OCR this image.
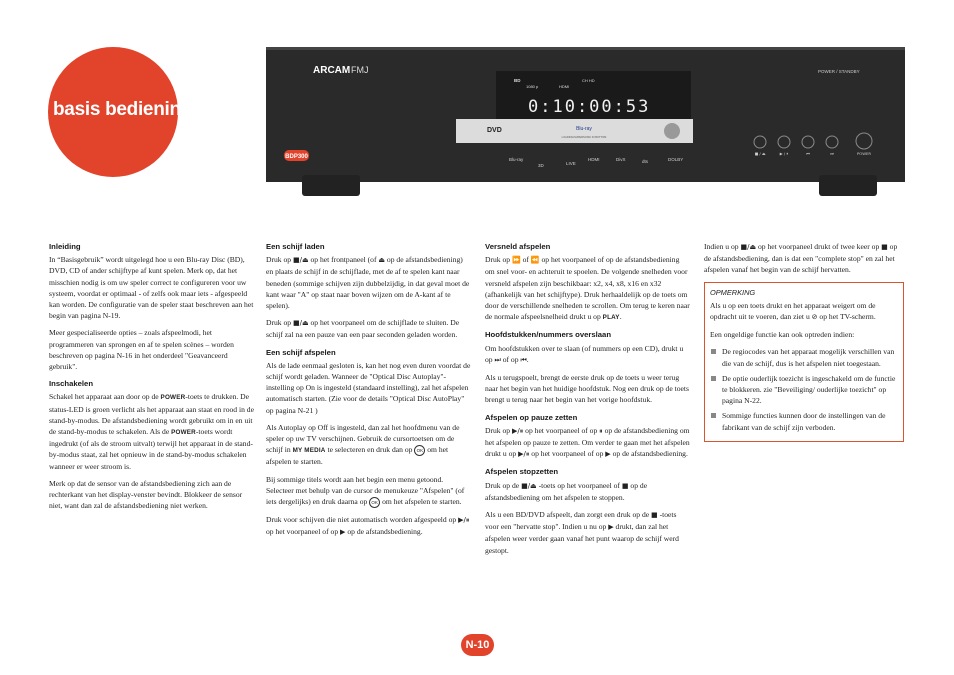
basis bediening
ARCAM FMJ	POWER / STANDBY
BD
1080 p	HDMI
CH HD
0:10:00:53
DVD	Blu-ray
LOADING/SUPERSONIC IN BOTTOM
BDP300	Blu-ray
3D	LIVE
HDMI	DivX	dts	DOLBY
■ / ⏏	▶ / ⏸	⏮	⏭	POWER
Inleiding

In “Basisgebruik” wordt uitgelegd hoe u een Blu-ray Disc (BD), DVD, CD of ander schijftype af kunt spelen. Merk op, dat het misschien nodig is om uw speler correct te configureren voor uw systeem, voordat er optimaal - of zelfs ook maar iets - afgespeeld kan worden. De configuratie van de speler staat beschreven aan het begin van pagina N-19.

Meer gespecialiseerde opties – zoals afspeelmodi, het programmeren van sprongen en af te spelen scènes – worden beschreven op pagina N-16 in het onderdeel "Geavanceerd gebruik".

Inschakelen

Schakel het apparaat aan door op de POWER-toets te drukken. De status-LED is groen verlicht als het apparaat aan staat en rood in de stand-by-modus. De afstandsbediening wordt gebruikt om in en uit de stand-by-modus te schakelen. Als de POWER-toets wordt ingedrukt (of als de stroom uitvalt) terwijl het apparaat in de stand-by-modus staat, zal het opnieuw in de stand-by-modus schakelen wanneer er weer stroom is.

Merk op dat de sensor van de afstandsbediening zich aan de rechterkant van het display-venster bevindt. Blokkeer de sensor niet, want dan zal de afstandsbediening niet werken.

Een schijf laden

Druk op ■/⏏ op het frontpaneel (of ⏏ op de afstandsbediening) en plaats de schijf in de schijflade, met de af te spelen kant naar beneden (sommige schijven zijn dubbelzijdig, in dat geval moet de kant waar "A" op staat naar boven wijzen om de A-kant af te spelen).

Druk op ■/⏏ op het voorpaneel om de schijflade te sluiten. De schijf zal na een pauze van een paar seconden geladen worden.

Een schijf afspelen

Als de lade eenmaal gesloten is, kan het nog even duren voordat de schijf wordt geladen. Wanneer de "Optical Disc Autoplay"-instelling op On is ingesteld (standaard instelling), zal het afspelen automatisch starten. (Zie voor de details "Optical Disc AutoPlay" op pagina N-21 )

Als Autoplay op Off is ingesteld, dan zal het hoofdmenu van de speler op uw TV verschijnen. Gebruik de cursortoetsen om de schijf in MY MEDIA te selecteren en druk dan op OK om het afspelen te starten.

Bij sommige titels wordt aan het begin een menu getoond. Selecteer met behulp van de cursor de menukeuze "Afspelen" (of iets dergelijks) en druk daarna op OK om het afspelen te starten.

Druk voor schijven die niet automatisch worden afgespeeld op ▶/⏸ op het voorpaneel of op ▶ op de afstandsbediening.

Versneld afspelen

Druk op ⏩ of ⏪ op het voorpaneel of op de afstandsbediening om snel voor- en achteruit te spoelen. De volgende snelheden voor versneld afspelen zijn beschikbaar: x2, x4, x8, x16 en x32 (afhankelijk van het schijftype). Druk herhaaldelijk op de toets om door de verschillende snelheden te scrollen. Om terug te keren naar de normale afspeelsnelheid drukt u op PLAY.

Hoofdstukken/nummers overslaan

Om hoofdstukken over te slaan (of nummers op een CD), drukt u op ⏭ of op ⏮.

Als u terugspoelt, brengt de eerste druk op de toets u weer terug naar het begin van het huidige hoofdstuk. Nog een druk op de toets brengt u terug naar het begin van het vorige hoofdstuk.

Afspelen op pauze zetten

Druk op ▶/⏸ op het voorpaneel of op ⏸ op de afstandsbediening om het afspelen op pauze te zetten. Om verder te gaan met het afspelen drukt u op ▶/⏸ op het voorpaneel of op ▶ op de afstandsbediening.

Afspelen stopzetten

Druk op de ■/⏏ -toets op het voorpaneel of ■ op de afstandsbediening om het afspelen te stoppen.

Als u een BD/DVD afspeelt, dan zorgt een druk op de ■ -toets voor een "hervatte stop". Indien u nu op ▶ drukt, dan zal het afspelen weer verder gaan vanaf het punt waarop de schijf werd gestopt.

Indien u op ■/⏏ op het voorpaneel drukt of twee keer op ■ op de afstandsbediening, dan is dat een "complete stop" en zal het afspelen vanaf het begin van de schijf hervatten.

OPMERKING

Als u op een toets drukt en het apparaat weigert om de opdracht uit te voeren, dan ziet u ⊘ op het TV-scherm.

Een ongeldige functie kan ook optreden indien:

De regiocodes van het apparaat mogelijk verschillen van die van de schijf, dus is het afspelen niet toegestaan.
De optie ouderlijk toezicht is ingeschakeld om de functie te blokkeren. zie "Beveiliging/ ouderlijke toezicht" op pagina N-22.
Sommige functies kunnen door de instellingen van de fabrikant van de schijf zijn verboden.
N-10
